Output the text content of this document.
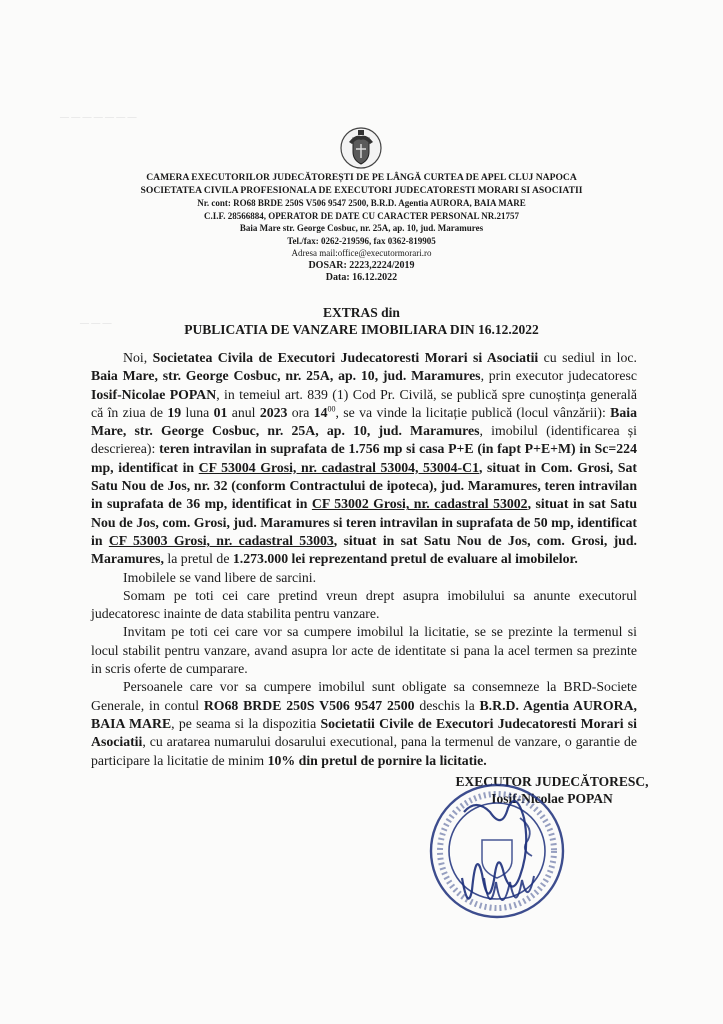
— — — — — — —
— — —
CAMERA EXECUTORILOR JUDECĂTOREȘTI DE PE LÂNGĂ CURTEA DE APEL CLUJ NAPOCA
SOCIETATEA CIVILA PROFESIONALA DE EXECUTORI JUDECATORESTI MORARI SI ASOCIATII
Nr. cont: RO68 BRDE 250S V506 9547 2500, B.R.D. Agentia AURORA, BAIA MARE
C.I.F. 28566884, OPERATOR DE DATE CU CARACTER PERSONAL NR.21757
Baia Mare str. George Cosbuc, nr. 25A, ap. 10, jud. Maramures
Tel./fax: 0262-219596, fax 0362-819905
Adresa mail:office@executormorari.ro
DOSAR: 2223,2224/2019
Data: 16.12.2022
EXTRAS din
PUBLICATIA DE VANZARE IMOBILIARA DIN 16.12.2022

Noi, Societatea Civila de Executori Judecatoresti Morari si Asociatii cu sediul in loc. Baia Mare, str. George Cosbuc, nr. 25A, ap. 10, jud. Maramures, prin executor judecatoresc Iosif-Nicolae POPAN, in temeiul art. 839 (1) Cod Pr. Civilă, se publică spre cunoștința generală că în ziua de 19 luna 01 anul 2023 ora $14^{00}$, se va vinde la licitație publică (locul vânzării): Baia Mare, str. George Cosbuc, nr. 25A, ap. 10, jud. Maramures, imobilul (identificarea și descrierea): teren intravilan in suprafata de 1.756 mp si casa P+E (in fapt P+E+M) in Sc=224 mp, identificat in CF 53004 Grosi, nr. cadastral 53004, 53004-C1, situat in Com. Grosi, Sat Satu Nou de Jos, nr. 32 (conform Contractului de ipoteca), jud. Maramures, teren intravilan in suprafata de 36 mp, identificat in CF 53002 Grosi, nr. cadastral 53002, situat in sat Satu Nou de Jos, com. Grosi, jud. Maramures si teren intravilan in suprafata de 50 mp, identificat in CF 53003 Grosi, nr. cadastral 53003, situat in sat Satu Nou de Jos, com. Grosi, jud. Maramures, la pretul de 1.273.000 lei reprezentand pretul de evaluare al imobilelor.

Imobilele se vand libere de sarcini.

Somam pe toti cei care pretind vreun drept asupra imobilului sa anunte executorul judecatoresc inainte de data stabilita pentru vanzare.

Invitam pe toti cei care vor sa cumpere imobilul la licitatie, se se prezinte la termenul si locul stabilit pentru vanzare, avand asupra lor acte de identitate si pana la acel termen sa prezinte in scris oferte de cumparare.

Persoanele care vor sa cumpere imobilul sunt obligate sa consemneze la BRD-Societe Generale, in contul RO68 BRDE 250S V506 9547 2500 deschis la B.R.D. Agentia AURORA, BAIA MARE, pe seama si la dispozitia Societatii Civile de Executori Judecatoresti Morari si Asociatii, cu aratarea numarului dosarului executional, pana la termenul de vanzare, o garantie de participare la licitatie de minim 10% din pretul de pornire la licitatie.

EXECUTOR JUDECĂTORESC,
Iosif-Nicolae POPAN
